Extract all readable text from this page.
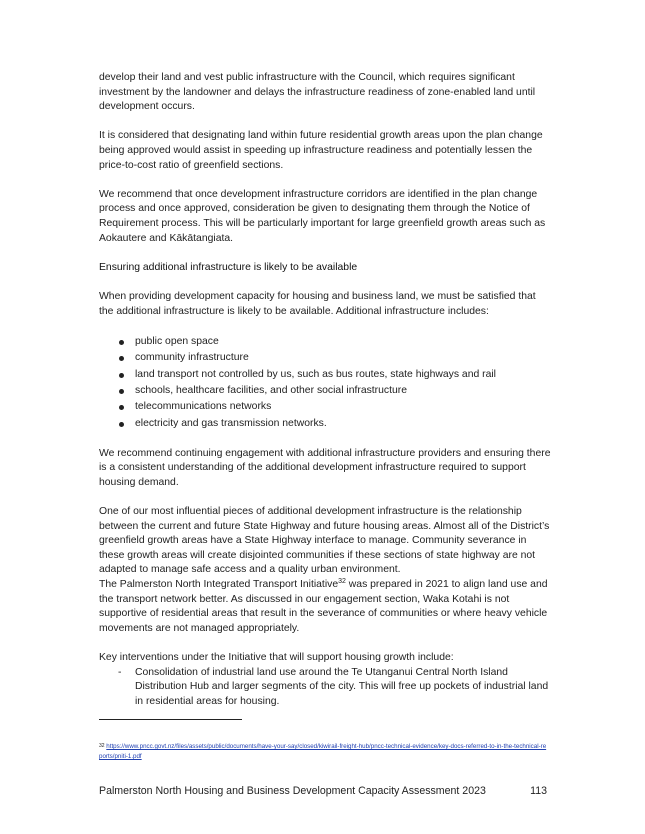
develop their land and vest public infrastructure with the Council, which requires significant investment by the landowner and delays the infrastructure readiness of zone-enabled land until development occurs.

It is considered that designating land within future residential growth areas upon the plan change being approved would assist in speeding up infrastructure readiness and potentially lessen the price-to-cost ratio of greenfield sections.

We recommend that once development infrastructure corridors are identified in the plan change process and once approved, consideration be given to designating them through the Notice of Requirement process. This will be particularly important for large greenfield growth areas such as Aokautere and Kākātangiata.

Ensuring additional infrastructure is likely to be available

When providing development capacity for housing and business land, we must be satisfied that the additional infrastructure is likely to be available. Additional infrastructure includes:

public open space
community infrastructure
land transport not controlled by us, such as bus routes, state highways and rail
schools, healthcare facilities, and other social infrastructure
telecommunications networks
electricity and gas transmission networks.

We recommend continuing engagement with additional infrastructure providers and ensuring there is a consistent understanding of the additional development infrastructure required to support housing demand.

One of our most influential pieces of additional development infrastructure is the relationship between the current and future State Highway and future housing areas. Almost all of the District’s greenfield growth areas have a State Highway interface to manage. Community severance in these growth areas will create disjointed communities if these sections of state highway are not adapted to manage safe access and a quality urban environment.

The Palmerston North Integrated Transport Initiative$^{32}$ was prepared in 2021 to align land use and the transport network better. As discussed in our engagement section, Waka Kotahi is not supportive of residential areas that result in the severance of communities or where heavy vehicle movements are not managed appropriately.

Key interventions under the Initiative that will support housing growth include:

- Consolidation of industrial land use around the Te Utanganui Central North Island Distribution Hub and larger segments of the city. This will free up pockets of industrial land in residential areas for housing.
32 https://www.pncc.govt.nz/files/assets/public/documents/have-your-say/closed/kiwirail-freight-hub/pncc-technical-evidence/key-docs-referred-to-in-the-technical-reports/pniti-1.pdf
Palmerston North Housing and Business Development Capacity Assessment 2023	113
